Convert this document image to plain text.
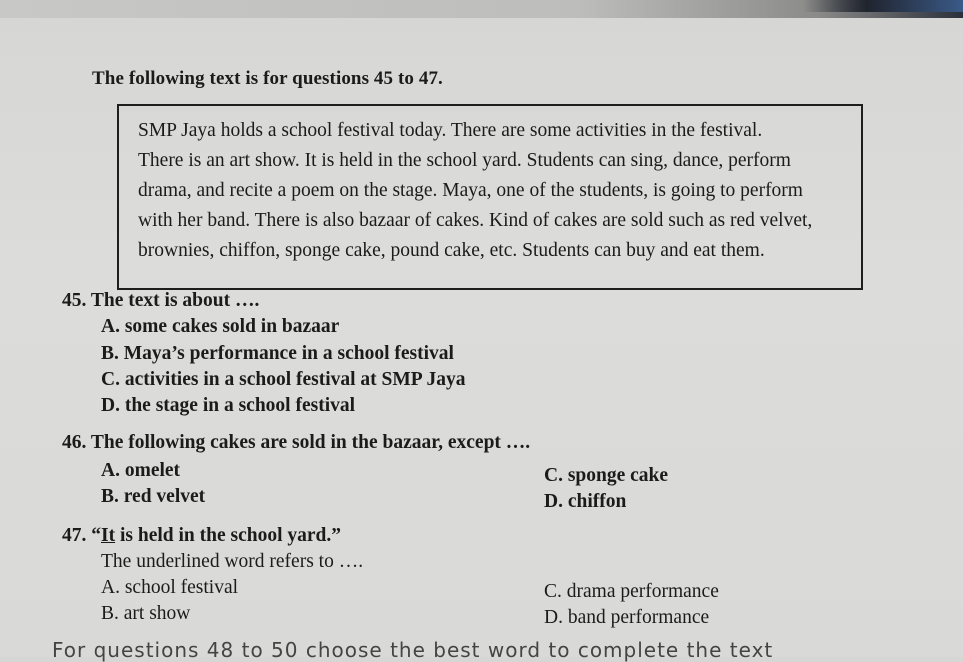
The following text is for questions 45 to 47.
SMP Jaya holds a school festival today. There are some activities in the festival.
There is an art show. It is held in the school yard. Students can sing, dance, perform
drama, and recite a poem on the stage. Maya, one of the students, is going to perform
with her band. There is also bazaar of cakes. Kind of cakes are sold such as red velvet,
brownies, chiffon, sponge cake, pound cake, etc. Students can buy and eat them.
45. The text is about ….
A. some cakes sold in bazaar
B. Maya’s performance in a school festival
C. activities in a school festival at SMP Jaya
D. the stage in a school festival
46. The following cakes are sold in the bazaar, except ….
A. omelet
B. red velvet
C. sponge cake
D. chiffon
47. “It is held in the school yard.”
The underlined word refers to ….
A. school festival
B. art show
C. drama performance
D. band performance
For questions 48 to 50 choose the best word to complete the text
